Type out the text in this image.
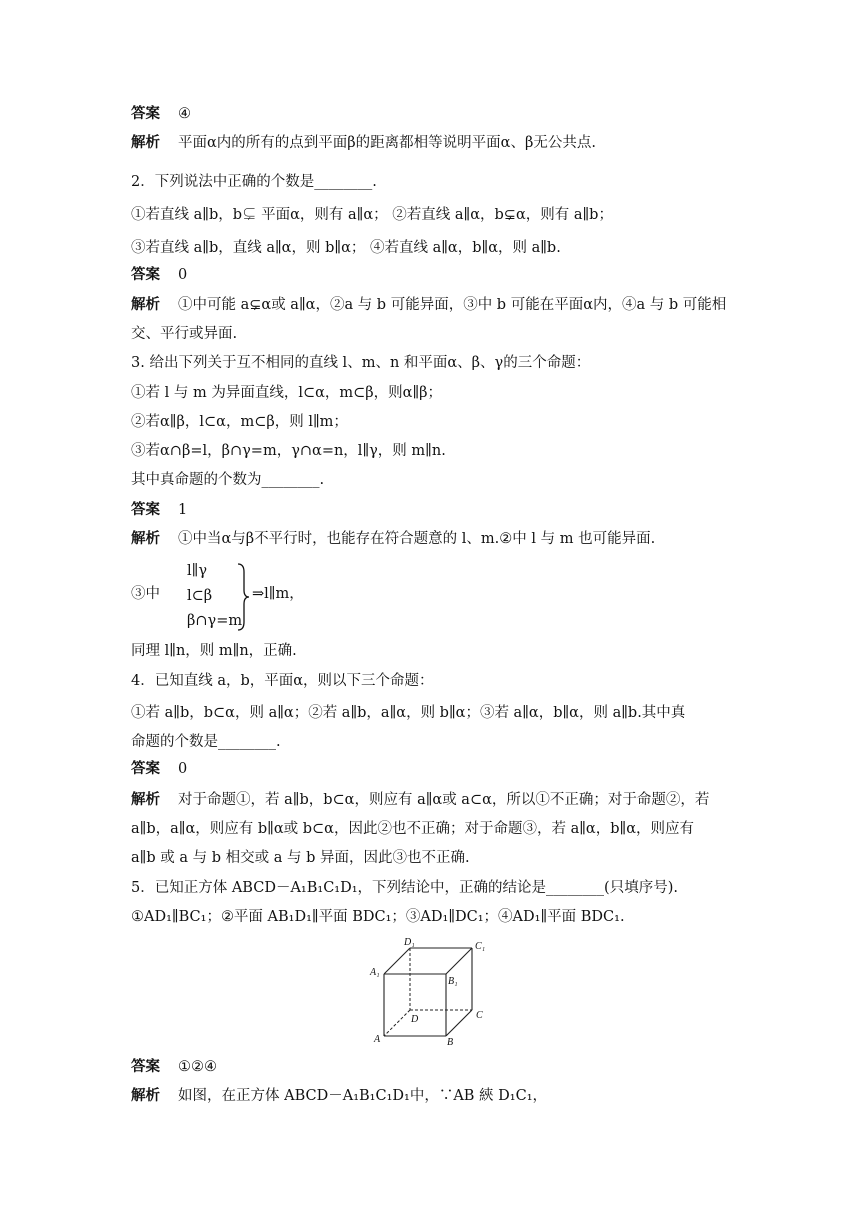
答案 ④
解析 平面α内的所有的点到平面β的距离都相等说明平面α、β无公共点.
2．下列说法中正确的个数是________.
①若直线 a∥b，b⊊ 平面α，则有 a∥α； ②若直线 a∥α，b⊊α，则有 a∥b；
③若直线 a∥b，直线 a∥α，则 b∥α； ④若直线 a∥α，b∥α，则 a∥b.
答案 0
解析 ①中可能 a⊊α或 a∥α，②a 与 b 可能异面，③中 b 可能在平面α内，④a 与 b 可能相
交、平行或异面.
3. 给出下列关于互不相同的直线 l、m、n 和平面α、β、γ的三个命题：
①若 l 与 m 为异面直线，l⊂α，m⊂β，则α∥β；
②若α∥β，l⊂α，m⊂β，则 l∥m；
③若α∩β=l，β∩γ=m，γ∩α=n，l∥γ，则 m∥n.
其中真命题的个数为________.
答案 1
解析 ①中当α与β不平行时，也能存在符合题意的 l、m.②中 l 与 m 也可能异面.
③中
l∥γ
l⊂β
β∩γ=m
⇒l∥m，
同理 l∥n，则 m∥n，正确.
4．已知直线 a，b，平面α，则以下三个命题：
①若 a∥b，b⊂α，则 a∥α；②若 a∥b，a∥α，则 b∥α；③若 a∥α，b∥α，则 a∥b.其中真
命题的个数是________.
答案 0
解析 对于命题①，若 a∥b，b⊂α，则应有 a∥α或 a⊂α，所以①不正确；对于命题②，若
a∥b，a∥α，则应有 b∥α或 b⊂α，因此②也不正确；对于命题③，若 a∥α，b∥α，则应有
a∥b 或 a 与 b 相交或 a 与 b 异面，因此③也不正确.
5．已知正方体 ABCD－A₁B₁C₁D₁，下列结论中，正确的结论是________(只填序号).
①AD₁∥BC₁；②平面 AB₁D₁∥平面 BDC₁；③AD₁∥DC₁；④AD₁∥平面 BDC₁.
D₁	C₁
A₁
B₁
D	C
A	B
答案 ①②④
解析 如图，在正方体 ABCD－A₁B₁C₁D₁中，∵AB 綊 D₁C₁，
